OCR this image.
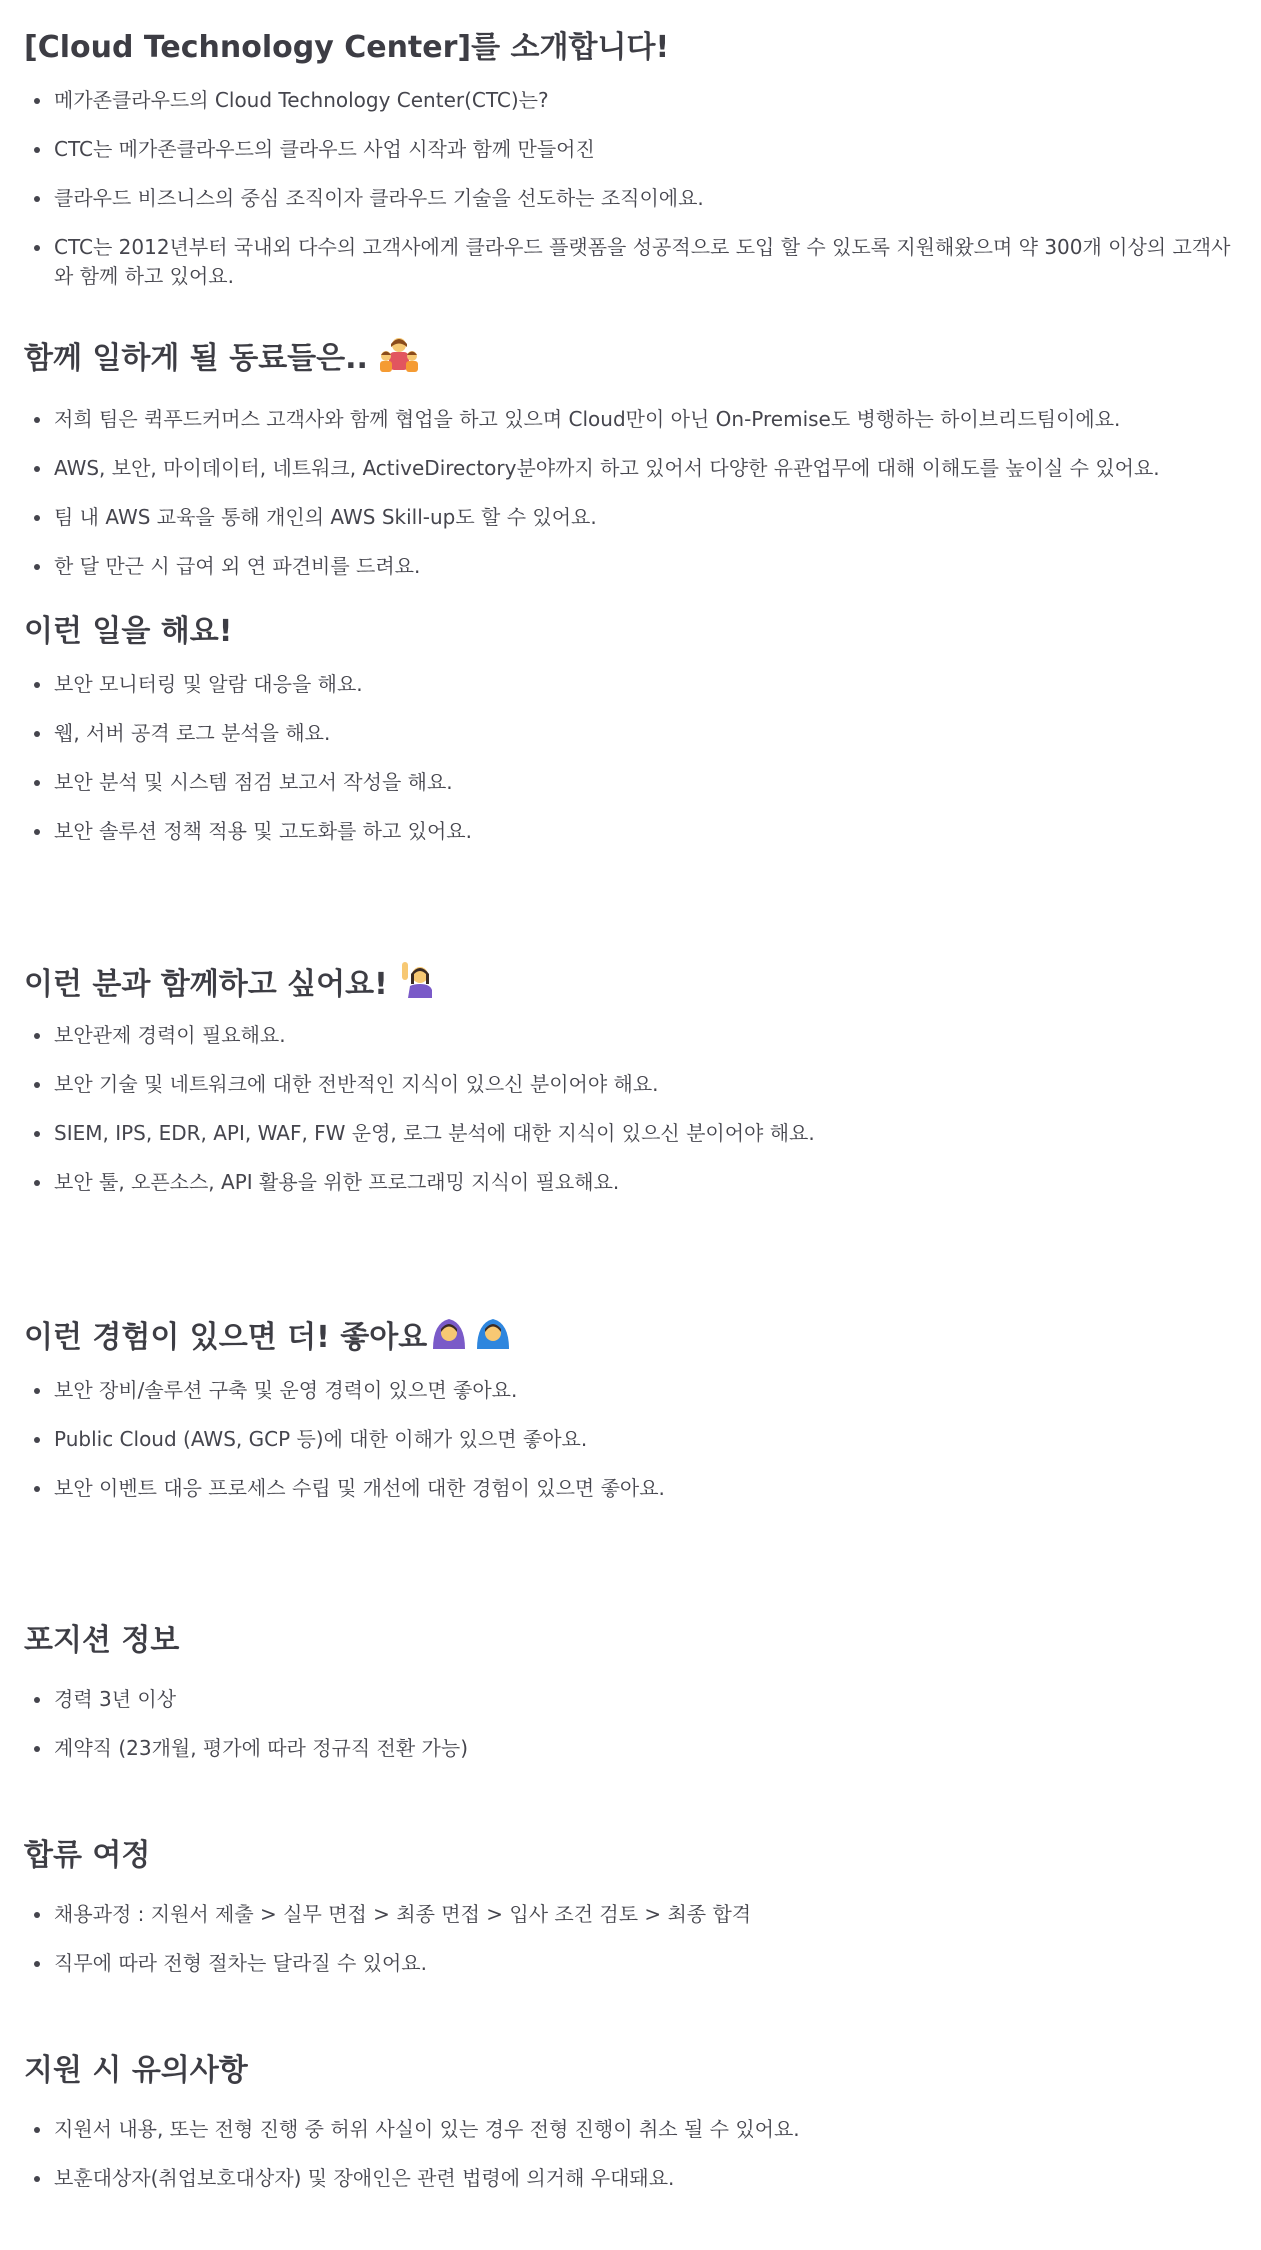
[Cloud Technology Center]를 소개합니다!
메가존클라우드의 Cloud Technology Center(CTC)는?
CTC는 메가존클라우드의 클라우드 사업 시작과 함께 만들어진
클라우드 비즈니스의 중심 조직이자 클라우드 기술을 선도하는 조직이에요.
CTC는 2012년부터 국내외 다수의 고객사에게 클라우드 플랫폼을 성공적으로 도입 할 수 있도록 지원해왔으며 약 300개 이상의 고객사와 함께 하고 있어요.
함께 일하게 될 동료들은..
저희 팀은 퀵푸드커머스 고객사와 함께 협업을 하고 있으며 Cloud만이 아닌 On-Premise도 병행하는 하이브리드팀이에요.
AWS, 보안, 마이데이터, 네트워크, ActiveDirectory분야까지 하고 있어서 다양한 유관업무에 대해 이해도를 높이실 수 있어요.
팀 내 AWS 교육을 통해 개인의 AWS Skill-up도 할 수 있어요.
한 달 만근 시 급여 외 연 파견비를 드려요.
이런 일을 해요!
보안 모니터링 및 알람 대응을 해요.
웹, 서버 공격 로그 분석을 해요.
보안 분석 및 시스템 점검 보고서 작성을 해요.
보안 솔루션 정책 적용 및 고도화를 하고 있어요.
이런 분과 함께하고 싶어요!
보안관제 경력이 필요해요.
보안 기술 및 네트워크에 대한 전반적인 지식이 있으신 분이어야 해요.
SIEM, IPS, EDR, API, WAF, FW 운영, 로그 분석에 대한 지식이 있으신 분이어야 해요.
보안 툴, 오픈소스, API 활용을 위한 프로그래밍 지식이 필요해요.
이런 경험이 있으면 더! 좋아요
보안 장비/솔루션 구축 및 운영 경력이 있으면 좋아요.
Public Cloud (AWS, GCP 등)에 대한 이해가 있으면 좋아요.
보안 이벤트 대응 프로세스 수립 및 개선에 대한 경험이 있으면 좋아요.
포지션 정보
경력 3년 이상
계약직 (23개월, 평가에 따라 정규직 전환 가능)
합류 여정
채용과정 : 지원서 제출 > 실무 면접 > 최종 면접 > 입사 조건 검토 > 최종 합격
직무에 따라 전형 절차는 달라질 수 있어요.
지원 시 유의사항
지원서 내용, 또는 전형 진행 중 허위 사실이 있는 경우 전형 진행이 취소 될 수 있어요.
보훈대상자(취업보호대상자) 및 장애인은 관련 법령에 의거해 우대돼요.
